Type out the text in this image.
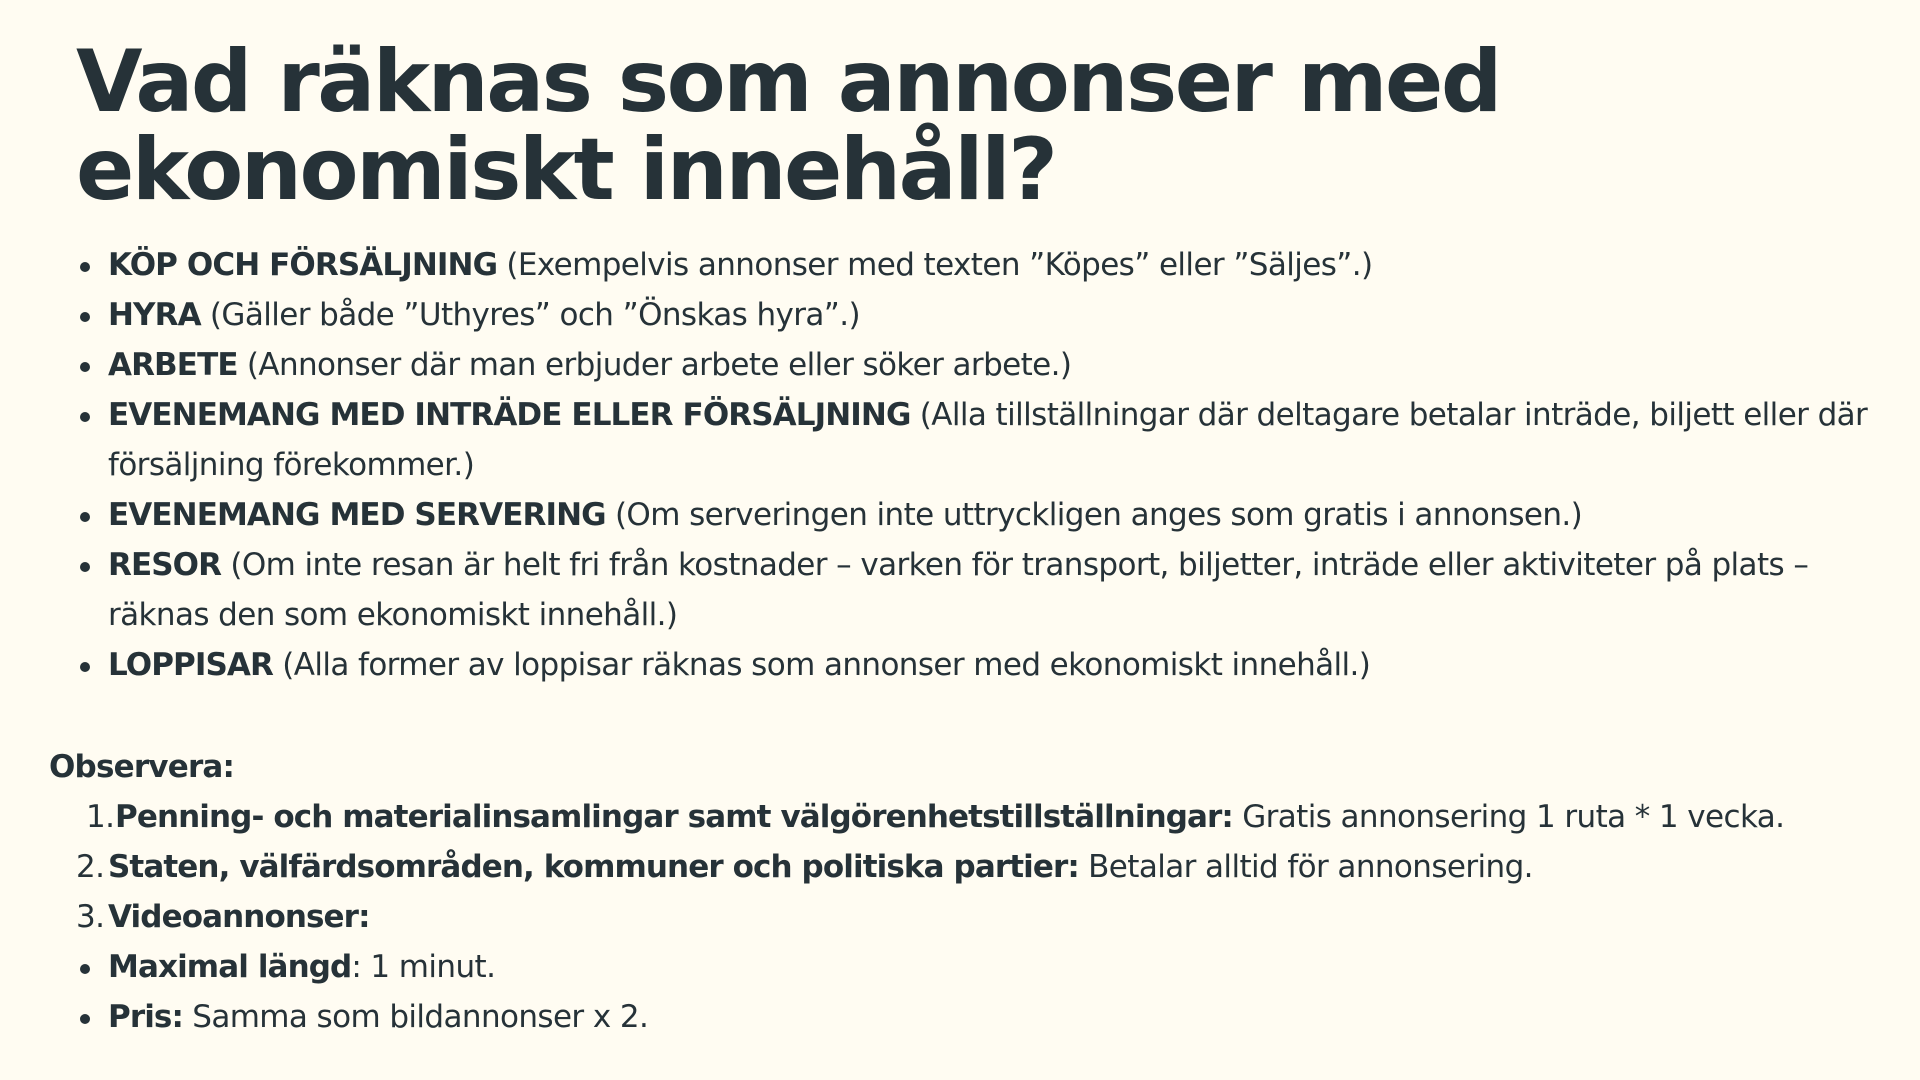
Vad räknas som annonser med
ekonomiskt innehåll?
KÖP OCH FÖRSÄLJNING (Exempelvis annonser med texten ”Köpes” eller ”Säljes”.)
HYRA (Gäller både ”Uthyres” och ”Önskas hyra”.)
ARBETE (Annonser där man erbjuder arbete eller söker arbete.)
EVENEMANG MED INTRÄDE ELLER FÖRSÄLJNING (Alla tillställningar där deltagare betalar inträde, biljett eller där försäljning förekommer.)
EVENEMANG MED SERVERING (Om serveringen inte uttryckligen anges som gratis i annonsen.)
RESOR (Om inte resan är helt fri från kostnader – varken för transport, biljetter, inträde eller aktiviteter på plats – räknas den som ekonomiskt innehåll.)
LOPPISAR (Alla former av loppisar räknas som annonser med ekonomiskt innehåll.)

Observera:

1. Penning- och materialinsamlingar samt välgörenhetstillställningar: Gratis annonsering 1 ruta * 1 vecka.
2. Staten, välfärdsområden, kommuner och politiska partier: Betalar alltid för annonsering.
3. Videoannonser:
Maximal längd: 1 minut.
Pris: Samma som bildannonser x 2.
